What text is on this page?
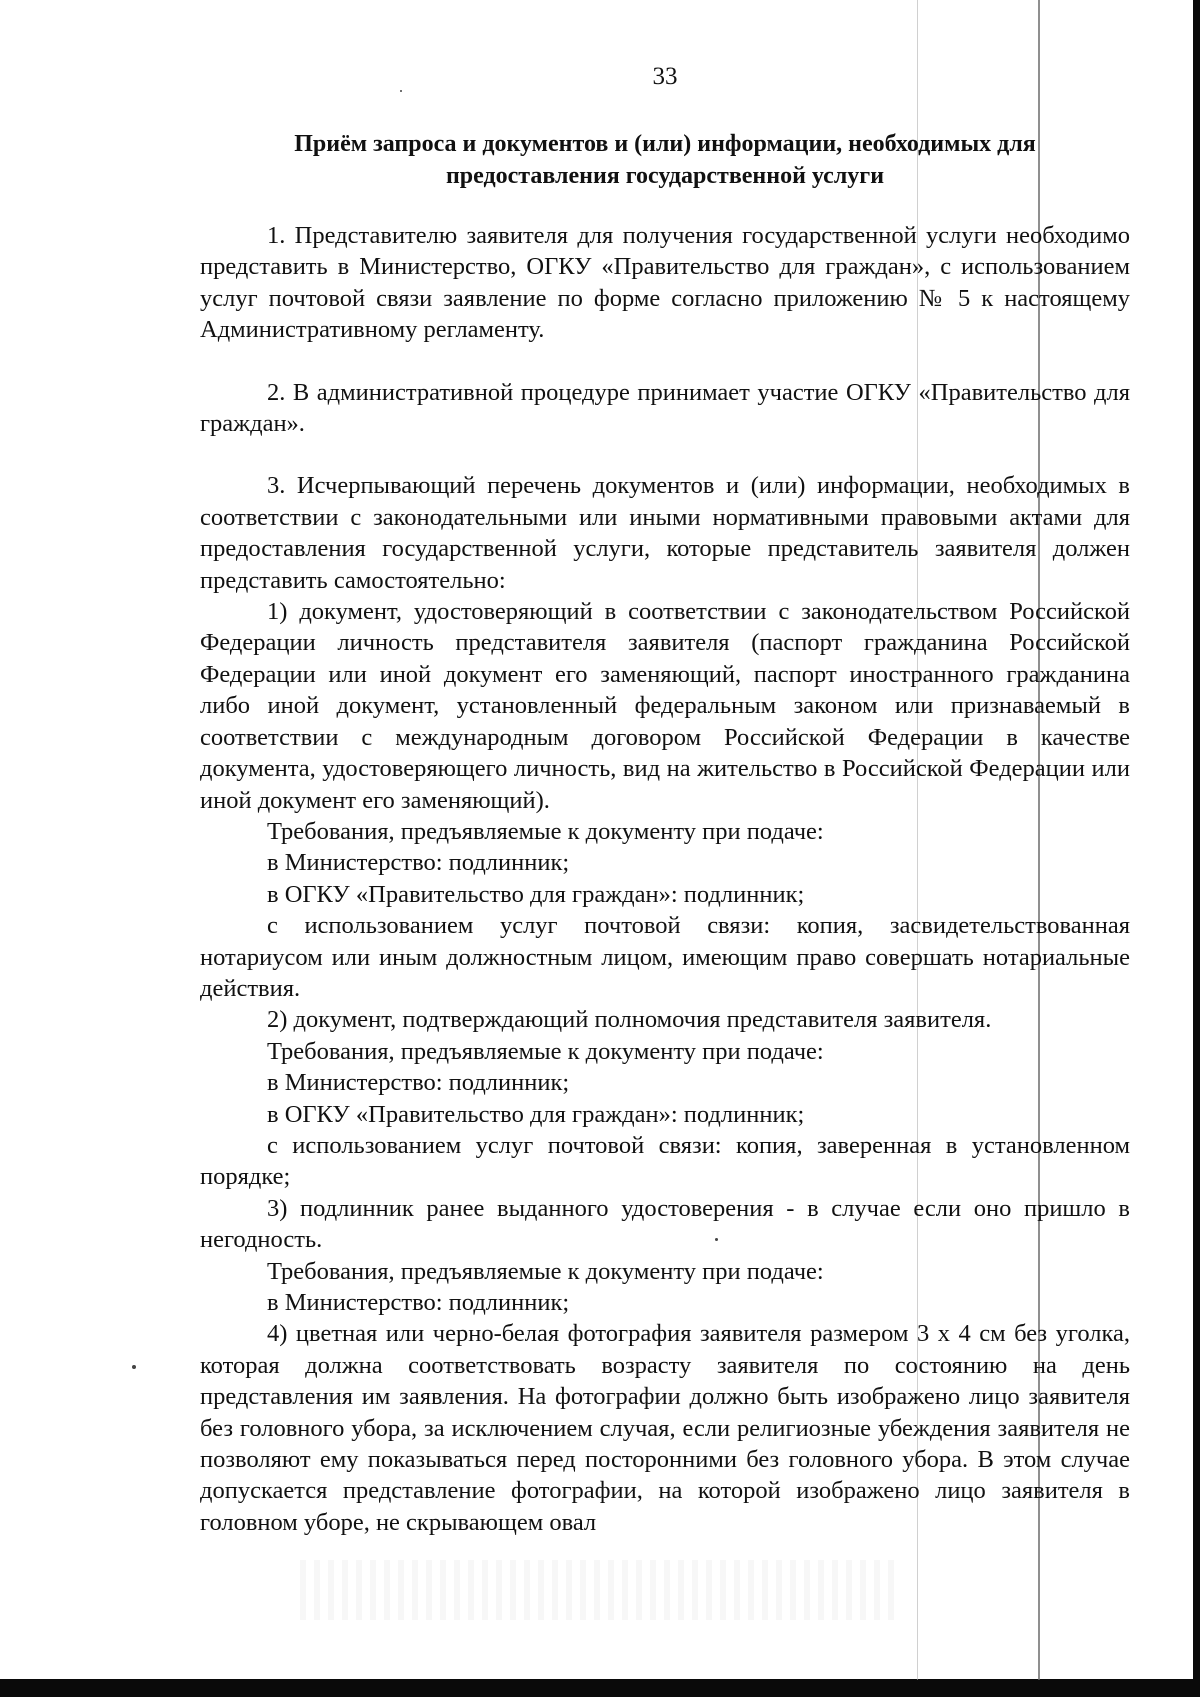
33
Приём запроса и документов и (или) информации, необходимых для
предоставления государственной услуги

1. Представителю заявителя для получения государственной услуги необходимо представить в Министерство, ОГКУ «Правительство для граждан», с использованием услуг почтовой связи заявление по форме согласно приложению № 5 к настоящему Административному регламенту.

2. В административной процедуре принимает участие ОГКУ «Правительство для граждан».

3. Исчерпывающий перечень документов и (или) информации, необходимых в соответствии с законодательными или иными нормативными правовыми актами для предоставления государственной услуги, которые представитель заявителя должен представить самостоятельно:

1) документ, удостоверяющий в соответствии с законодательством Российской Федерации личность представителя заявителя (паспорт гражданина Российской Федерации или иной документ его заменяющий, паспорт иностранного гражданина либо иной документ, установленный федеральным законом или признаваемый в соответствии с международным договором Российской Федерации в качестве документа, удостоверяющего личность, вид на жительство в Российской Федерации или иной документ его заменяющий).

Требования, предъявляемые к документу при подаче:

в Министерство: подлинник;

в ОГКУ «Правительство для граждан»: подлинник;

с использованием услуг почтовой связи: копия, засвидетельствованная нотариусом или иным должностным лицом, имеющим право совершать нотариальные действия.

2) документ, подтверждающий полномочия представителя заявителя.

Требования, предъявляемые к документу при подаче:

в Министерство: подлинник;

в ОГКУ «Правительство для граждан»: подлинник;

с использованием услуг почтовой связи: копия, заверенная в установленном порядке;

3) подлинник ранее выданного удостоверения - в случае если оно пришло в негодность.

Требования, предъявляемые к документу при подаче:

в Министерство: подлинник;

4) цветная или черно-белая фотография заявителя размером 3 х 4 см без уголка, которая должна соответствовать возрасту заявителя по состоянию на день представления им заявления. На фотографии должно быть изображено лицо заявителя без головного убора, за исключением случая, если религиозные убеждения заявителя не позволяют ему показываться перед посторонними без головного убора. В этом случае допускается представление фотографии, на которой изображено лицо заявителя в головном уборе, не скрывающем овал
